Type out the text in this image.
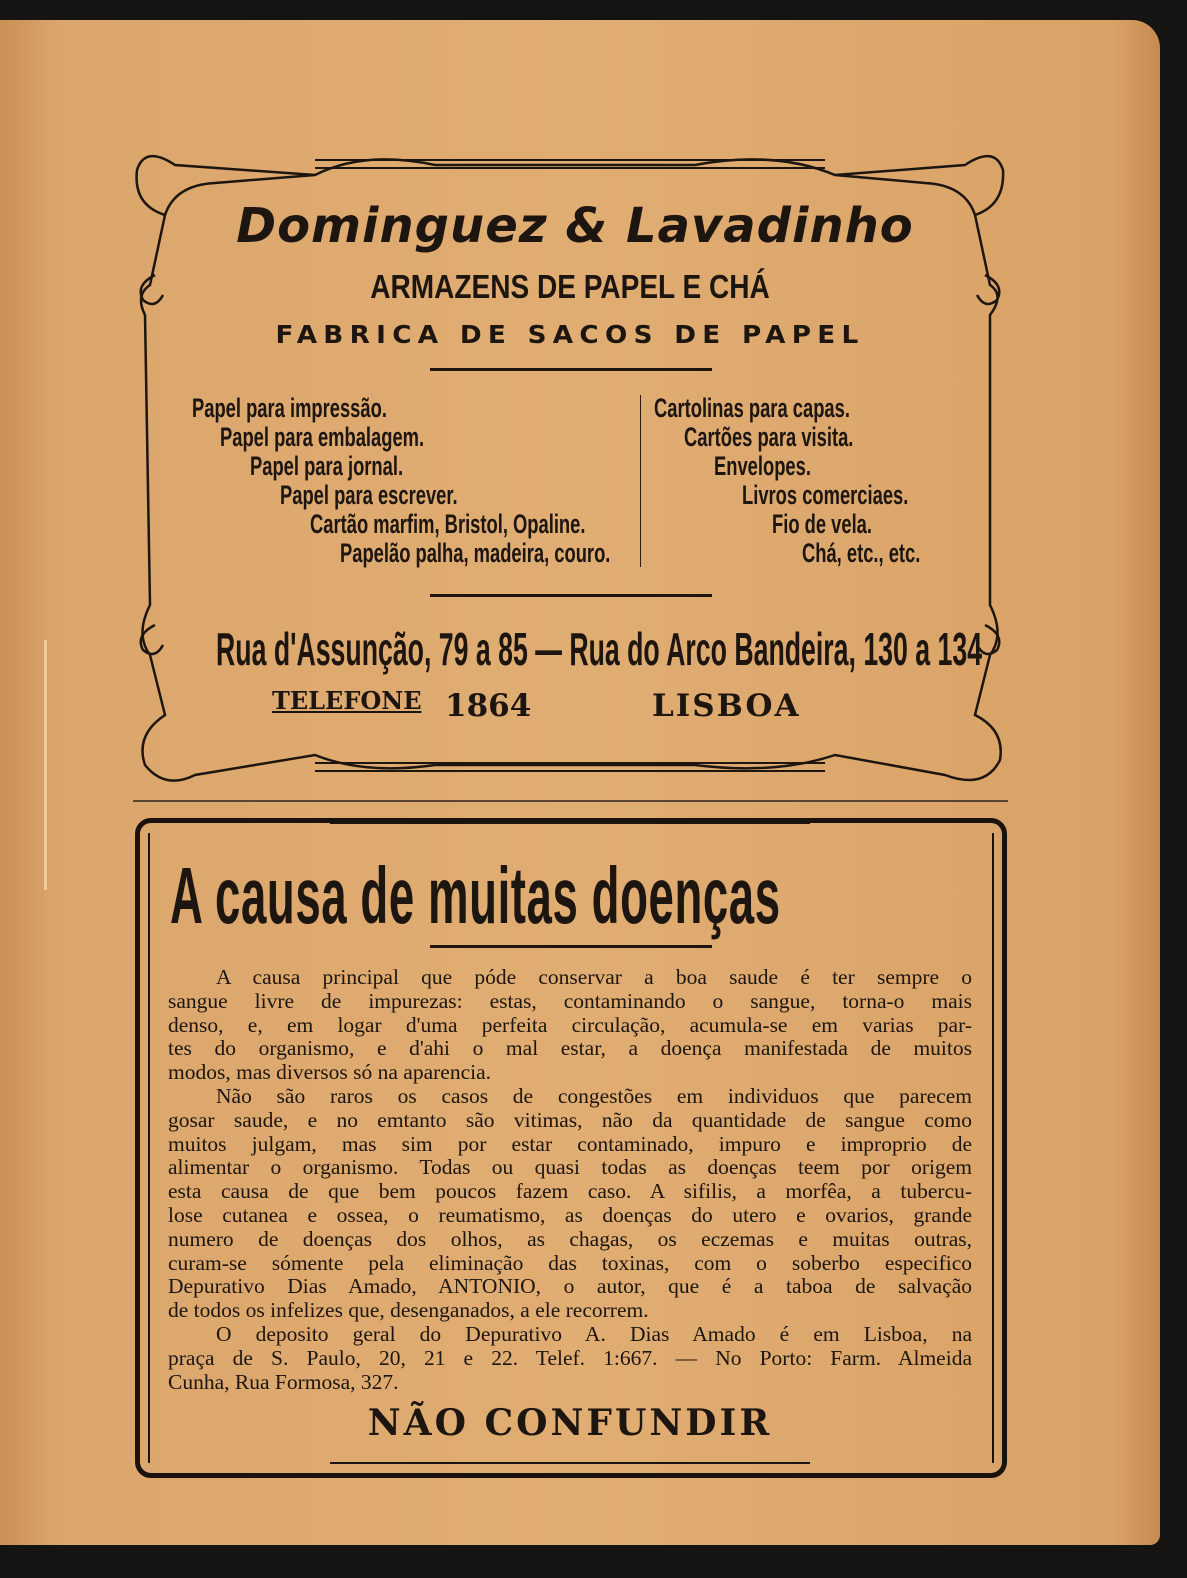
Dominguez & Lavadinho
ARMAZENS DE PAPEL E CHÁ
FABRICA DE SACOS DE PAPEL
Papel para impressão.
Papel para embalagem.
Papel para jornal.
Papel para escrever.
Cartão marfim, Bristol, Opaline.
Papelão palha, madeira, couro.
Cartolinas para capas.
Cartões para visita.
Envelopes.
Livros comerciaes.
Fio de vela.
Chá, etc., etc.
Rua d'Assunção, 79 a 85 — Rua do Arco Bandeira, 130 a 134
TELEFONE 1864	LISBOA
A causa de muitas doenças
A causa principal que póde conservar a boa saude é ter sempre o
sangue livre de impurezas: estas, contaminando o sangue, torna-o mais
denso, e, em logar d'uma perfeita circulação, acumula-se em varias par-
tes do organismo, e d'ahi o mal estar, a doença manifestada de muitos
modos, mas diversos só na aparencia.
Não são raros os casos de congestões em individuos que parecem
gosar saude, e no emtanto são vitimas, não da quantidade de sangue como
muitos julgam, mas sim por estar contaminado, impuro e improprio de
alimentar o organismo. Todas ou quasi todas as doenças teem por origem
esta causa de que bem poucos fazem caso. A sifilis, a morfêa, a tubercu-
lose cutanea e ossea, o reumatismo, as doenças do utero e ovarios, grande
numero de doenças dos olhos, as chagas, os eczemas e muitas outras,
curam-se sómente pela eliminação das toxinas, com o soberbo especifico
Depurativo Dias Amado, ANTONIO, o autor, que é a taboa de salvação
de todos os infelizes que, desenganados, a ele recorrem.
O deposito geral do Depurativo A. Dias Amado é em Lisboa, na
praça de S. Paulo, 20, 21 e 22. Telef. 1:667. — No Porto: Farm. Almeida
Cunha, Rua Formosa, 327.
NÃO CONFUNDIR
